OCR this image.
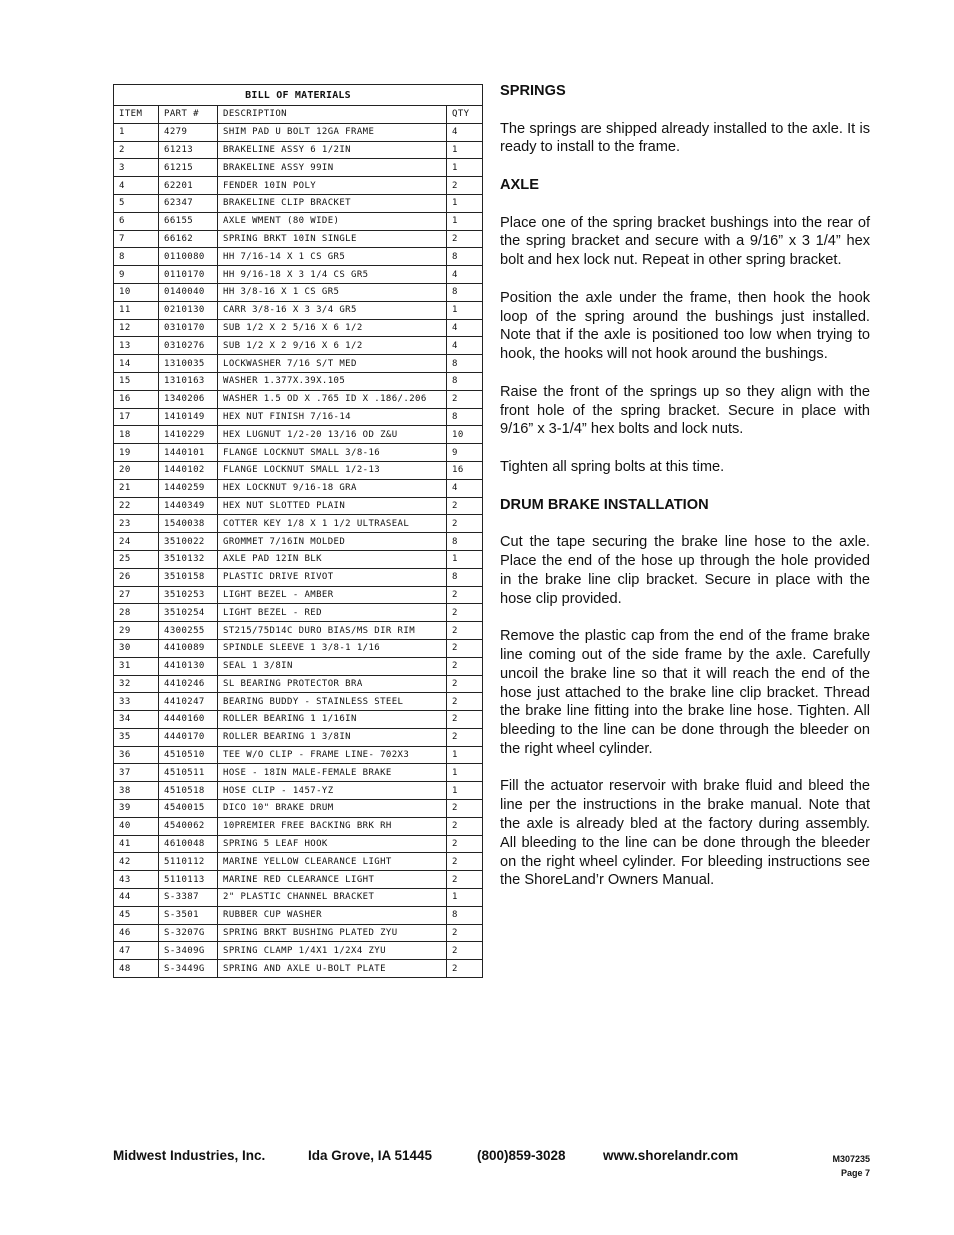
BILL OF MATERIALS			
ITEM	PART #	DESCRIPTION	QTY
1	4279	SHIM PAD U BOLT 12GA FRAME	4
2	61213	BRAKELINE ASSY 6 1/2IN	1
3	61215	BRAKELINE ASSY 99IN	1
4	62201	FENDER 10IN POLY	2
5	62347	BRAKELINE CLIP BRACKET	1
6	66155	AXLE WMENT (80 WIDE)	1
7	66162	SPRING BRKT 10IN SINGLE	2
8	0110080	HH 7/16-14 X 1 CS GR5	8
9	0110170	HH 9/16-18 X 3 1/4 CS GR5	4
10	0140040	HH 3/8-16 X 1 CS GR5	8
11	0210130	CARR 3/8-16 X 3 3/4 GR5	1
12	0310170	SUB 1/2 X 2 5/16 X 6 1/2	4
13	0310276	SUB 1/2 X 2 9/16 X 6 1/2	4
14	1310035	LOCKWASHER 7/16 S/T MED	8
15	1310163	WASHER 1.377X.39X.105	8
16	1340206	WASHER 1.5 OD X .765 ID X .186/.206	2
17	1410149	HEX NUT FINISH 7/16-14	8
18	1410229	HEX LUGNUT 1/2-20 13/16 OD Z&U	10
19	1440101	FLANGE LOCKNUT SMALL 3/8-16	9
20	1440102	FLANGE LOCKNUT SMALL 1/2-13	16
21	1440259	HEX LOCKNUT 9/16-18 GRA	4
22	1440349	HEX NUT SLOTTED PLAIN	2
23	1540038	COTTER KEY 1/8 X 1 1/2 ULTRASEAL	2
24	3510022	GROMMET 7/16IN MOLDED	8
25	3510132	AXLE PAD 12IN BLK	1
26	3510158	PLASTIC DRIVE RIVOT	8
27	3510253	LIGHT BEZEL - AMBER	2
28	3510254	LIGHT BEZEL - RED	2
29	4300255	ST215/75D14C DURO BIAS/MS DIR RIM	2
30	4410089	SPINDLE SLEEVE 1 3/8-1 1/16	2
31	4410130	SEAL 1 3/8IN	2
32	4410246	SL BEARING PROTECTOR BRA	2
33	4410247	BEARING BUDDY - STAINLESS STEEL	2
34	4440160	ROLLER BEARING 1 1/16IN	2
35	4440170	ROLLER BEARING 1 3/8IN	2
36	4510510	TEE W/O CLIP - FRAME LINE- 702X3	1
37	4510511	HOSE - 18IN MALE-FEMALE BRAKE	1
38	4510518	HOSE CLIP - 1457-YZ	1
39	4540015	DICO 10" BRAKE DRUM	2
40	4540062	10PREMIER FREE BACKING BRK RH	2
41	4610048	SPRING 5 LEAF HOOK	2
42	5110112	MARINE YELLOW CLEARANCE LIGHT	2
43	5110113	MARINE RED CLEARANCE LIGHT	2
44	S-3387	2" PLASTIC CHANNEL BRACKET	1
45	S-3501	RUBBER CUP WASHER	8
46	S-3207G	SPRING BRKT BUSHING PLATED ZYU	2
47	S-3409G	SPRING CLAMP 1/4X1 1/2X4 ZYU	2
48	S-3449G	SPRING AND AXLE U-BOLT PLATE	2
SPRINGS

The springs are shipped already installed to the axle. It is ready to install to the frame.

AXLE

Place one of the spring bracket bushings into the rear of the spring bracket and secure with a 9/16” x 3 1/4” hex bolt and hex lock nut. Repeat in other spring bracket.

Position the axle under the frame, then hook the hook loop of the spring around the bushings just installed. Note that if the axle is positioned too low when trying to hook, the hooks will not hook around the bushings.

Raise the front of the springs up so they align with the front hole of the spring bracket. Secure in place with 9/16” x 3-1/4” hex bolts and lock nuts.

Tighten all spring bolts at this time.

DRUM BRAKE INSTALLATION

Cut the tape securing the brake line hose to the axle. Place the end of the hose up through the hole provided in the brake line clip bracket. Secure in place with the hose clip provided.

Remove the plastic cap from the end of the frame brake line coming out of the side frame by the axle. Carefully uncoil the brake line so that it will reach the end of the hose just attached to the brake line clip bracket. Thread the brake line fitting into the brake line hose. Tighten. All bleeding to the line can be done through the bleeder on the right wheel cylinder.

Fill the actuator reservoir with brake fluid and bleed the line per the instructions in the brake manual. Note that the axle is already bled at the factory during assembly. All bleeding to the line can be done through the bleeder on the right wheel cylinder. For bleeding instructions see the ShoreLand’r Owners Manual.

Midwest Industries, Inc.	Ida Grove, IA 51445	(800)859-3028	www.shorelandr.com	M307235
Page 7
